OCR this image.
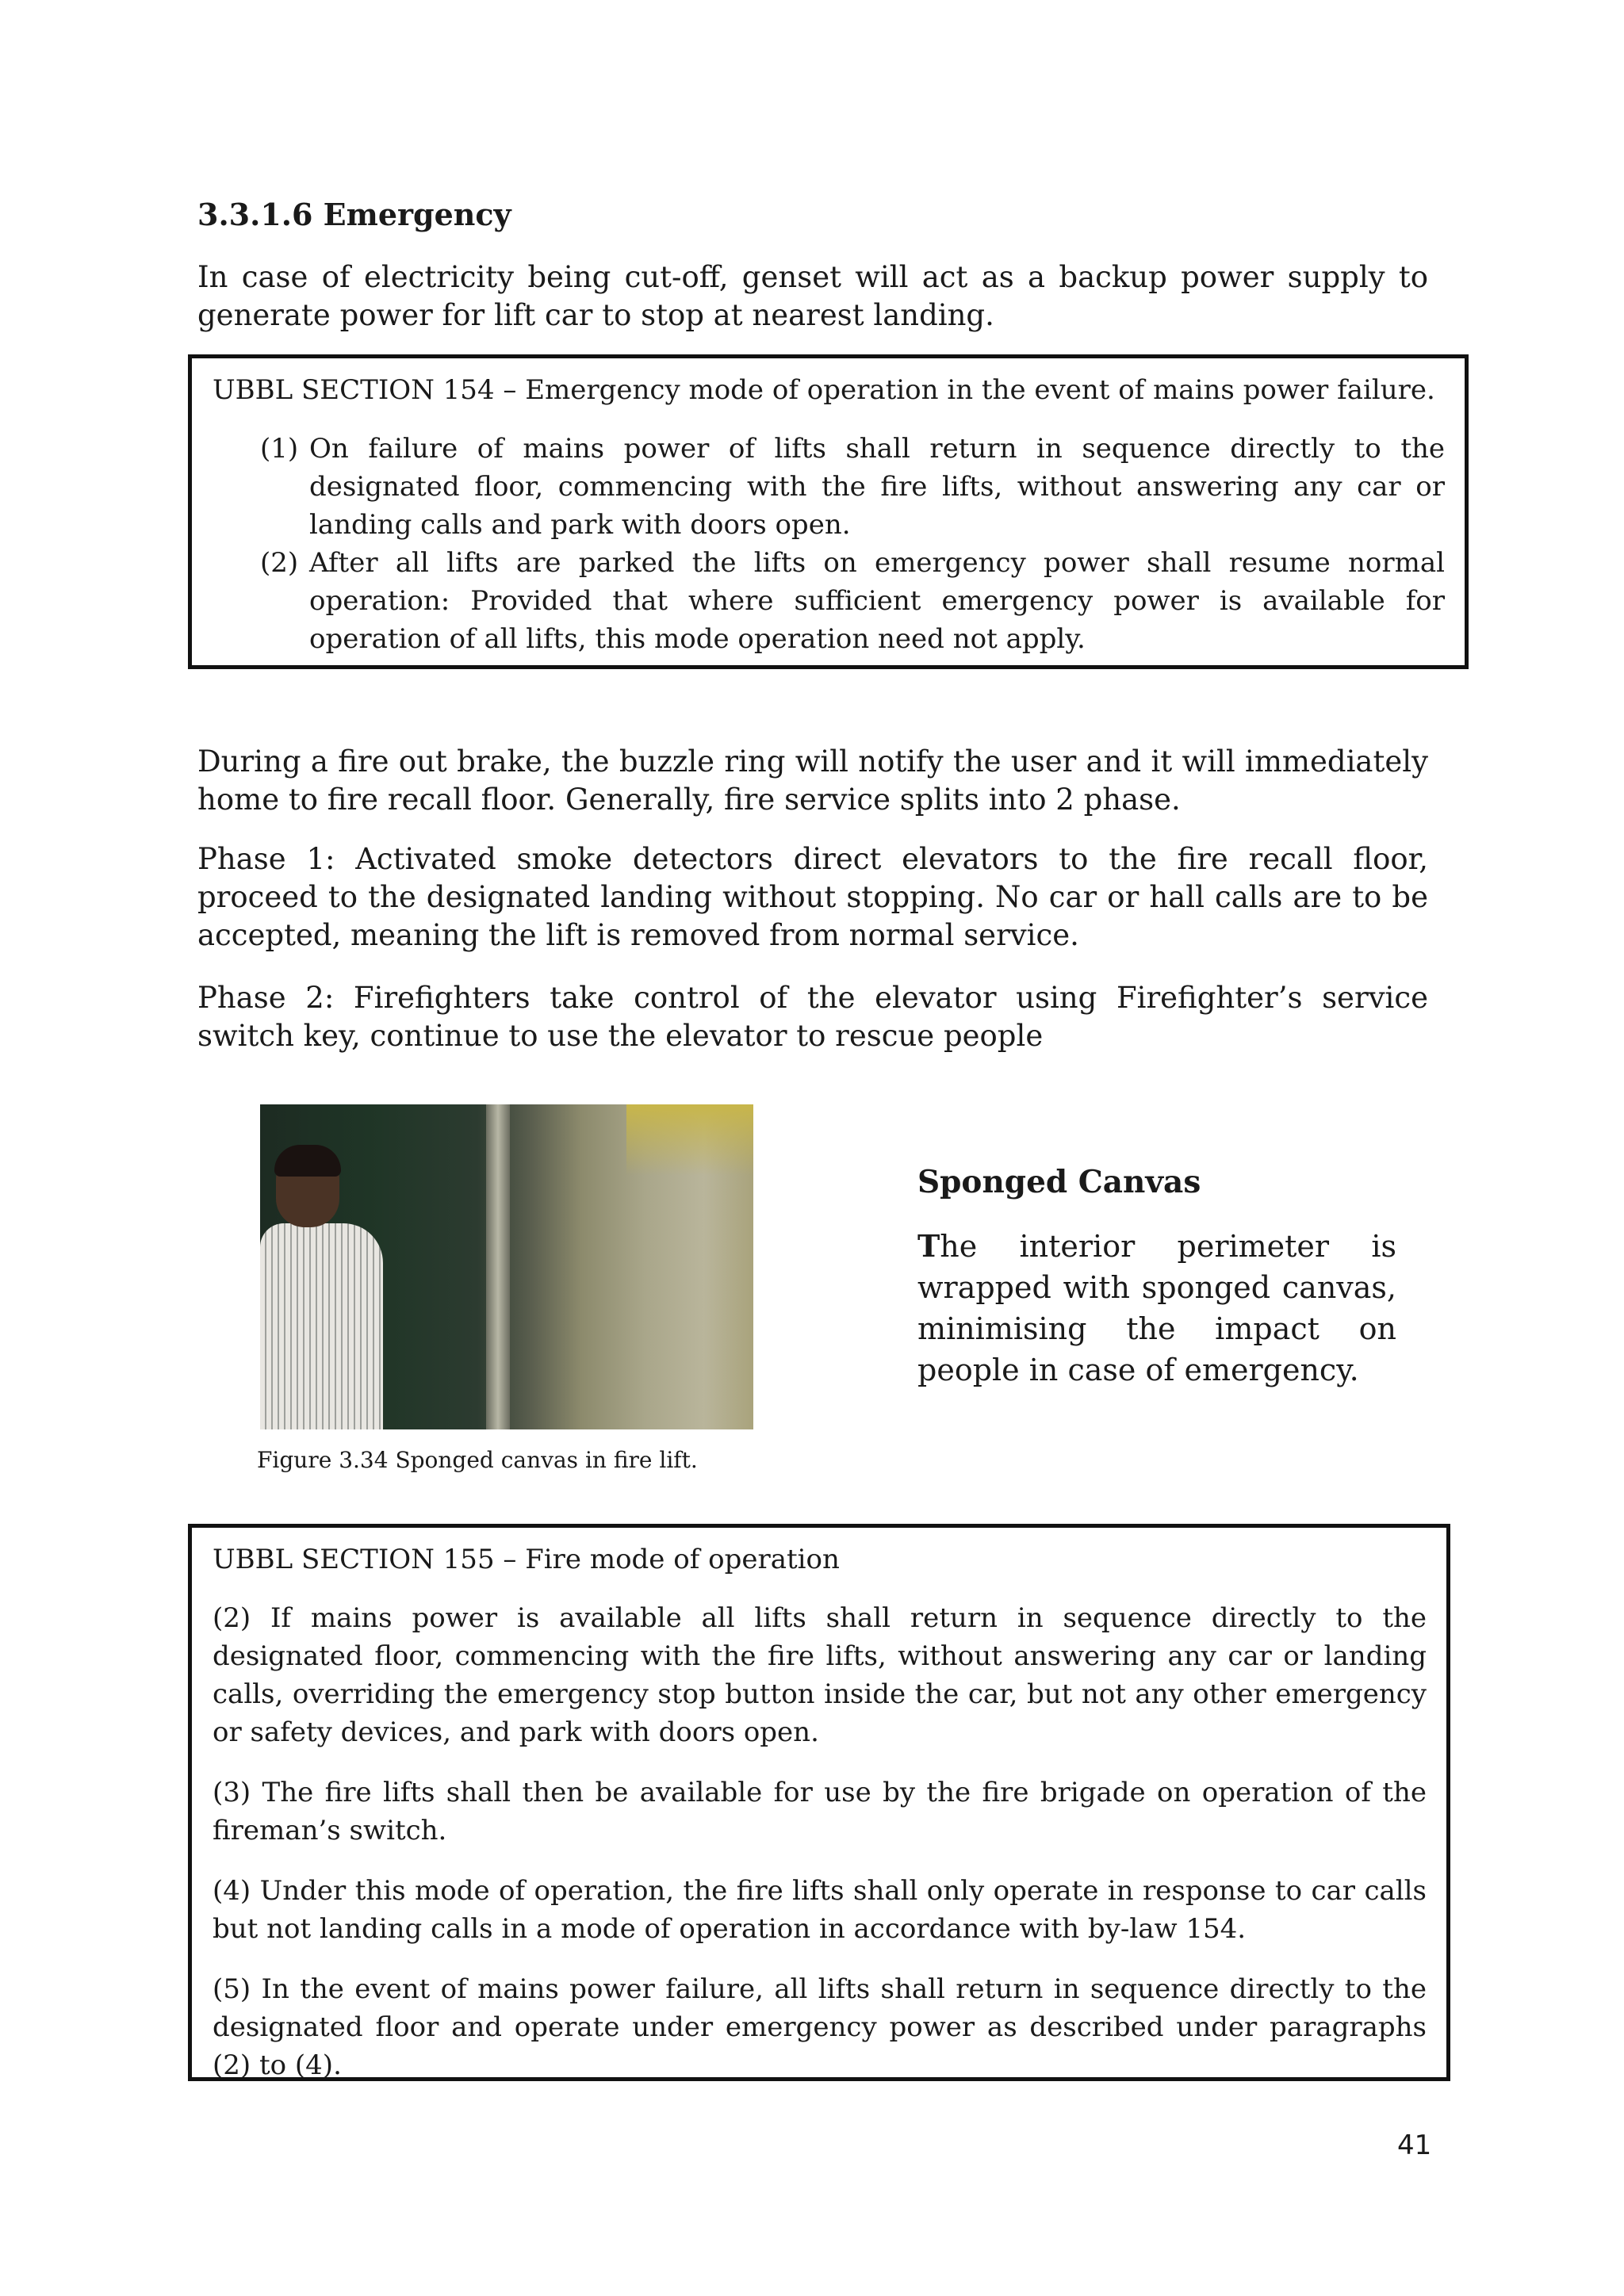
3.3.1.6 Emergency

In case of electricity being cut-off, genset will act as a backup power supply to generate power for lift car to stop at nearest landing.

UBBL SECTION 154 – Emergency mode of operation in the event of mains power failure.

(1) On failure of mains power of lifts shall return in sequence directly to the designated floor, commencing with the fire lifts, without answering any car or landing calls and park with doors open.
(2) After all lifts are parked the lifts on emergency power shall resume normal operation: Provided that where sufficient emergency power is available for operation of all lifts, this mode operation need not apply.

During a fire out brake, the buzzle ring will notify the user and it will immediately home to fire recall floor. Generally, fire service splits into 2 phase.

Phase 1: Activated smoke detectors direct elevators to the fire recall floor, proceed to the designated landing without stopping. No car or hall calls are to be accepted, meaning the lift is removed from normal service.

Phase 2: Firefighters take control of the elevator using Firefighter’s service switch key, continue to use the elevator to rescue people

Figure 3.34 Sponged canvas in fire lift.

Sponged Canvas

The interior perimeter is wrapped with sponged canvas, minimising the impact on people in case of emergency.

UBBL SECTION 155 – Fire mode of operation

(2) If mains power is available all lifts shall return in sequence directly to the designated floor, commencing with the fire lifts, without answering any car or landing calls, overriding the emergency stop button inside the car, but not any other emergency or safety devices, and park with doors open.

(3) The fire lifts shall then be available for use by the fire brigade on operation of the fireman’s switch.

(4) Under this mode of operation, the fire lifts shall only operate in response to car calls but not landing calls in a mode of operation in accordance with by-law 154.

(5) In the event of mains power failure, all lifts shall return in sequence directly to the designated floor and operate under emergency power as described under paragraphs (2) to (4).

41
